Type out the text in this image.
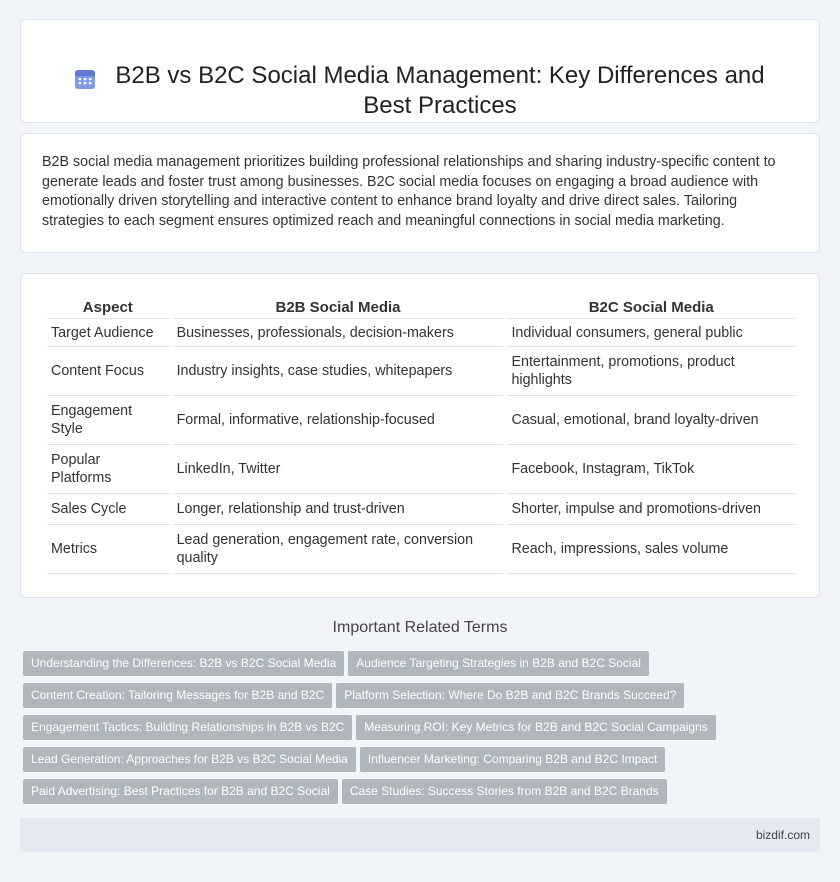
B2B vs B2C Social Media Management: Key Differences and Best Practices

B2B social media management prioritizes building professional relationships and sharing industry-specific content to generate leads and foster trust among businesses. B2C social media focuses on engaging a broad audience with emotionally driven storytelling and interactive content to enhance brand loyalty and drive direct sales. Tailoring strategies to each segment ensures optimized reach and meaningful connections in social media marketing.

Aspect	B2B Social Media	B2C Social Media
Target Audience	Businesses, professionals, decision-makers	Individual consumers, general public
Content Focus	Industry insights, case studies, whitepapers	Entertainment, promotions, product highlights
Engagement Style	Formal, informative, relationship-focused	Casual, emotional, brand loyalty-driven
Popular Platforms	LinkedIn, Twitter	Facebook, Instagram, TikTok
Sales Cycle	Longer, relationship and trust-driven	Shorter, impulse and promotions-driven
Metrics	Lead generation, engagement rate, conversion quality	Reach, impressions, sales volume
Important Related Terms
Understanding the Differences: B2B vs B2C Social Media Audience Targeting Strategies in B2B and B2C Social
Content Creation: Tailoring Messages for B2B and B2C Platform Selection: Where Do B2B and B2C Brands Succeed?
Engagement Tactics: Building Relationships in B2B vs B2C Measuring ROI: Key Metrics for B2B and B2C Social Campaigns
Lead Generation: Approaches for B2B vs B2C Social Media Influencer Marketing: Comparing B2B and B2C Impact
Paid Advertising: Best Practices for B2B and B2C Social Case Studies: Success Stories from B2B and B2C Brands
bizdif.com
